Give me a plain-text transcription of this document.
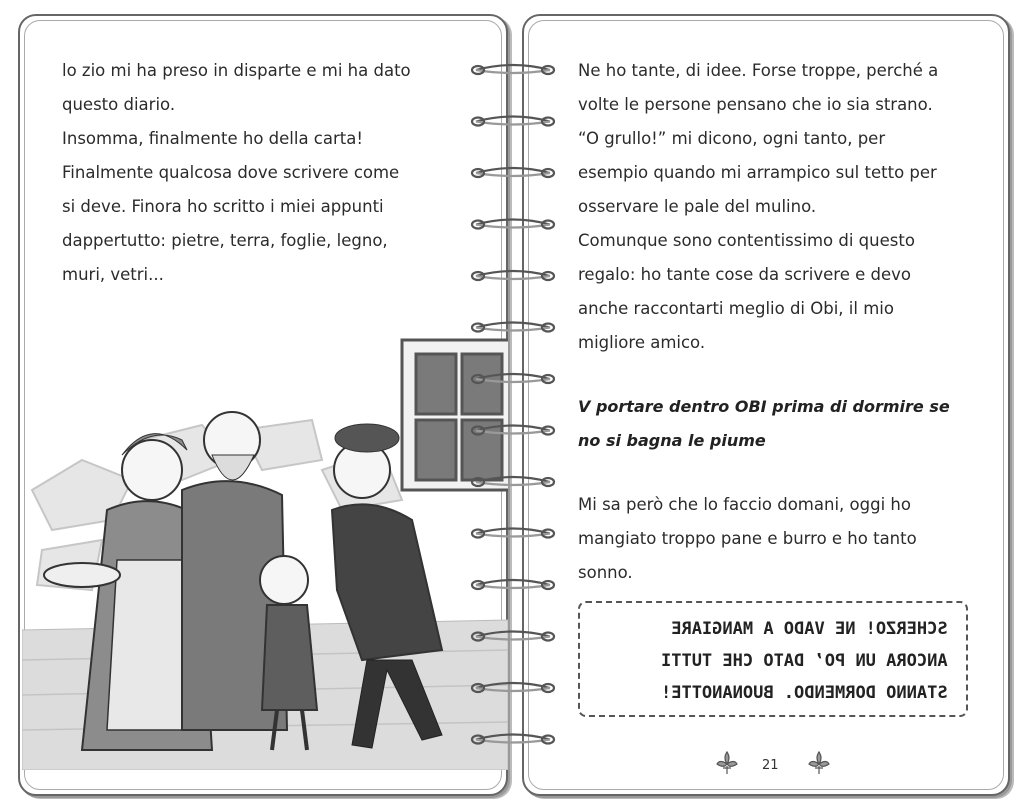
lo zio mi ha preso in disparte e mi ha dato
questo diario.
Insomma, finalmente ho della carta!
Finalmente qualcosa dove scrivere come
si deve. Finora ho scritto i miei appunti
dappertutto: pietre, terra, foglie, legno,
muri, vetri...
Ne ho tante, di idee. Forse troppe, perché a
volte le persone pensano che io sia strano.
“O grullo!” mi dicono, ogni tanto, per
esempio quando mi arrampico sul tetto per
osservare le pale del mulino.
Comunque sono contentissimo di questo
regalo: ho tante cose da scrivere e devo
anche raccontarti meglio di Obi, il mio
migliore amico.
V portare dentro OBI prima di dormire se
no si bagna le piume
Mi sa però che lo faccio domani, oggi ho
mangiato troppo pane e burro e ho tanto
sonno.
SCHERZO! NE VADO A MANGIARE
ANCORA UN PO’ DATO CHE TUTTI
STANNO DORMENDO. BUONANOTTE!
21
